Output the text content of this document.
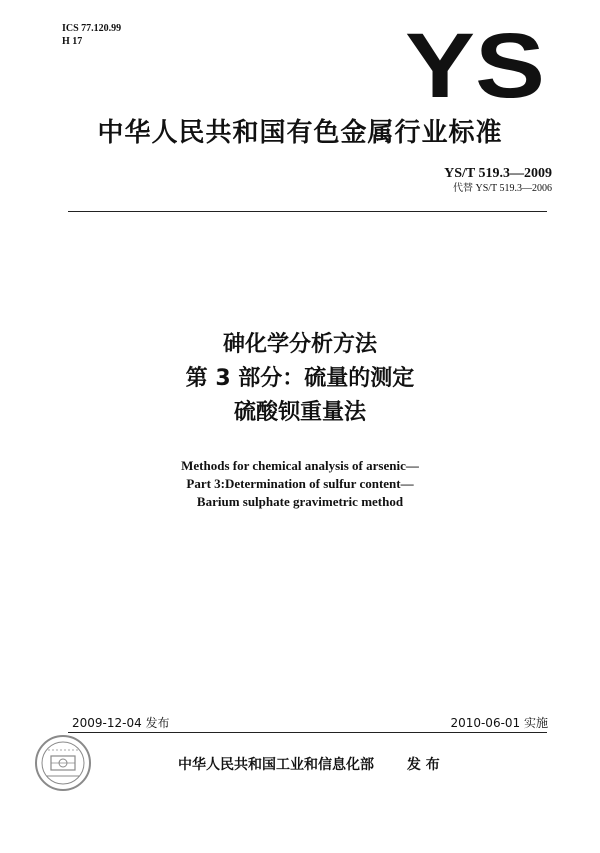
ICS 77.120.99
H 17	YS
中华人民共和国有色金属行业标准
YS/T 519.3—2009
代替 YS/T 519.3—2006
砷化学分析方法
第 3 部分：硫量的测定
硫酸钡重量法
Methods for chemical analysis of arsenic—
Part 3:Determination of sulfur content—
Barium sulphate gravimetric method
2009-12-04 发布	2010-06-01 实施
中华人民共和国工业和信息化部 发 布
